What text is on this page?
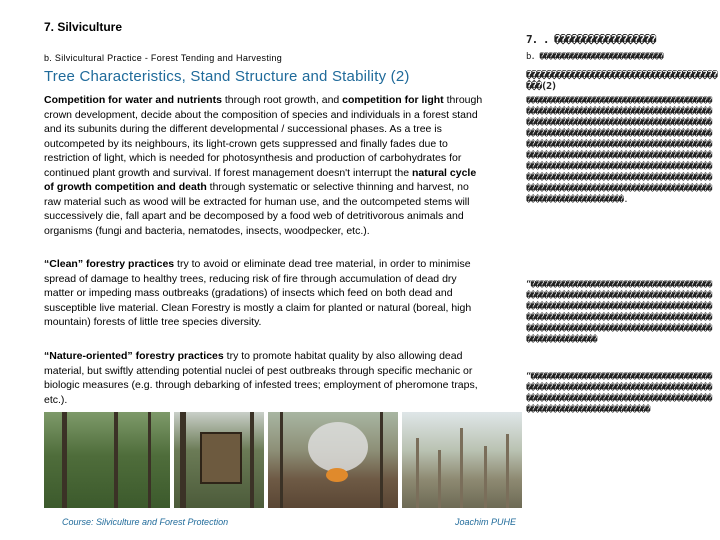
7. Silviculture
b. Silvicultural Practice - Forest Tending and Harvesting
Tree Characteristics, Stand Structure and Stability (2)

Competition for water and nutrients through root growth, and competition for light through crown development, decide about the composition of species and individuals in a forest stand and its subunits during the different developmental / successional phases. As a tree is outcompeted by its neighbours, its light-crown gets suppressed and finally fades due to restriction of light, which is needed for photosynthesis and production of carbohydrates for continued plant growth and survival. If forest management doesn't interrupt the natural cycle of growth competition and death through systematic or selective thinning and harvest, no raw material such as wood will be extracted for human use, and the outcompeted stems will successively die, fall apart and be decomposed by a food web of detritivorous animals and organisms (fungi and bacteria, nematodes, insects, woodpecker, etc.).

“Clean” forestry practices try to avoid or eliminate dead tree material, in order to minimise spread of damage to healthy trees, reducing risk of fire through accumulation of dead dry matter or impeding mass outbreaks (gradations) of insects which feed on both dead and susceptible live material. Clean Forestry is mostly a claim for planted or natural (boreal, high mountain) forests of little tree species diversity.

“Nature-oriented” forestry practices try to promote habitat quality by also allowing dead material, but swiftly attending potential nuclei of pest outbreaks through specific mechanic or biologic measures (e.g. through debarking of infested trees; employment of pheromone traps, etc.).

Course: Silviculture and Forest Protection	Joachim PUHE
7. . ������������������
b. ����������������������������
�����������������������������������������(2)
����������������������������������������������������������������������������������������������������������������������������������������������������������������������������������������������������������������������������������������������������������������������������������������������������������������������������������������������������������������������������������������������������������������.
“���������������������������������������������������������������������������������������������������������������������������������������������������������������������������������������������������������������������������������
“���������������������������������������������������������������������������������������������������������������������������������������������������������
